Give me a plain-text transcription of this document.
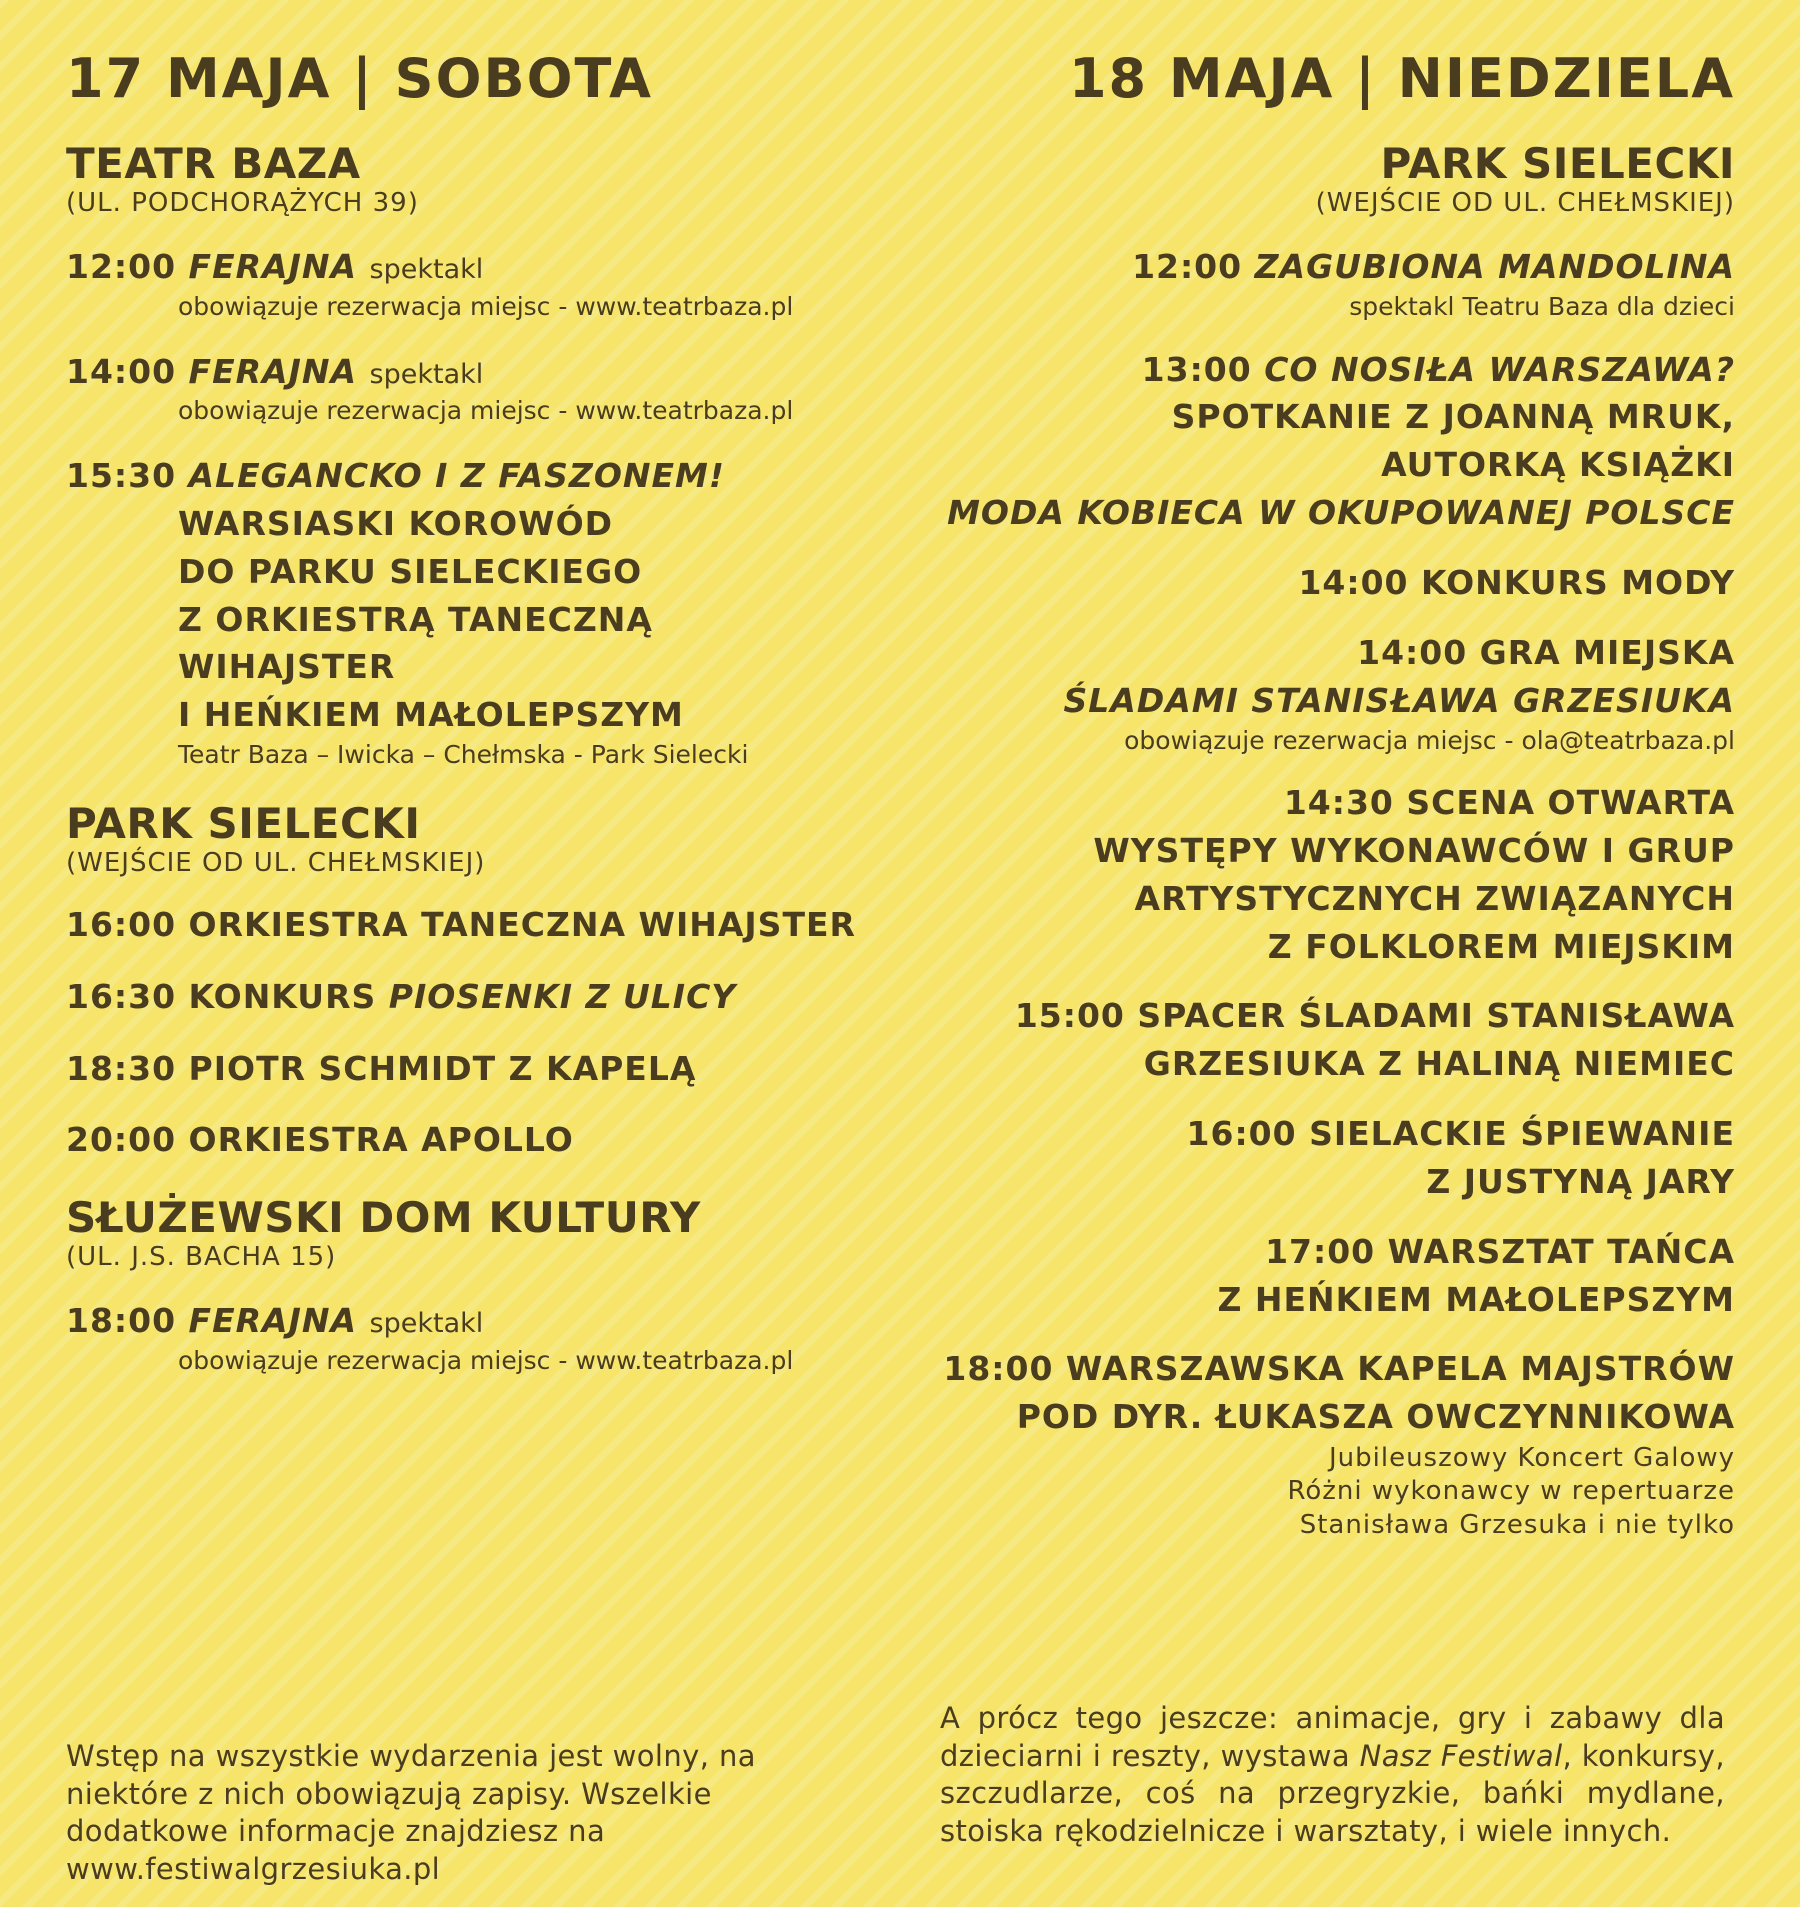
17 MAJA | SOBOTA
TEATR BAZA
(UL. PODCHORĄŻYCH 39)
12:00 FERAJNA spektakl
obowiązuje rezerwacja miejsc - www.teatrbaza.pl
14:00 FERAJNA spektakl
obowiązuje rezerwacja miejsc - www.teatrbaza.pl
15:30 ALEGANCKO I Z FASZONEM!
WARSIASKI KOROWÓD
DO PARKU SIELECKIEGO
Z ORKIESTRĄ TANECZNĄ WIHAJSTER
I HEŃKIEM MAŁOLEPSZYM
Teatr Baza – Iwicka – Chełmska - Park Sielecki
PARK SIELECKI
(WEJŚCIE OD UL. CHEŁMSKIEJ)
16:00 ORKIESTRA TANECZNA WIHAJSTER
16:30 KONKURS PIOSENKI Z ULICY
18:30 PIOTR SCHMIDT Z KAPELĄ
20:00 ORKIESTRA APOLLO
SŁUŻEWSKI DOM KULTURY
(UL. J.S. BACHA 15)
18:00 FERAJNA spektakl
obowiązuje rezerwacja miejsc - www.teatrbaza.pl
18 MAJA | NIEDZIELA
PARK SIELECKI
(WEJŚCIE OD UL. CHEŁMSKIEJ)
12:00 ZAGUBIONA MANDOLINA
spektakl Teatru Baza dla dzieci
13:00 CO NOSIŁA WARSZAWA?
SPOTKANIE Z JOANNĄ MRUK,
AUTORKĄ KSIĄŻKI
MODA KOBIECA W OKUPOWANEJ POLSCE
14:00 KONKURS MODY
14:00 GRA MIEJSKA
ŚLADAMI STANISŁAWA GRZESIUKA
obowiązuje rezerwacja miejsc - ola@teatrbaza.pl
14:30 SCENA OTWARTA
WYSTĘPY WYKONAWCÓW I GRUP
ARTYSTYCZNYCH ZWIĄZANYCH
Z FOLKLOREM MIEJSKIM
15:00 SPACER ŚLADAMI STANISŁAWA
GRZESIUKA Z HALINĄ NIEMIEC
16:00 SIELACKIE ŚPIEWANIE
Z JUSTYNĄ JARY
17:00 WARSZTAT TAŃCA
Z HEŃKIEM MAŁOLEPSZYM
18:00 WARSZAWSKA KAPELA MAJSTRÓW
POD DYR. ŁUKASZA OWCZYNNIKOWA
Jubileuszowy Koncert Galowy
Różni wykonawcy w repertuarze
Stanisława Grzesuka i nie tylko
Wstęp na wszystkie wydarzenia jest wolny, na niektóre z nich obowiązują zapisy. Wszelkie dodatkowe informacje znajdziesz na www.festiwalgrzesiuka.pl
A prócz tego jeszcze: animacje, gry i zabawy dla dzieciarni i reszty, wystawa Nasz Festiwal, konkursy, szczudlarze, coś na przegryzkie, bańki mydlane, stoiska rękodzielnicze i warsztaty, i wiele innych.
